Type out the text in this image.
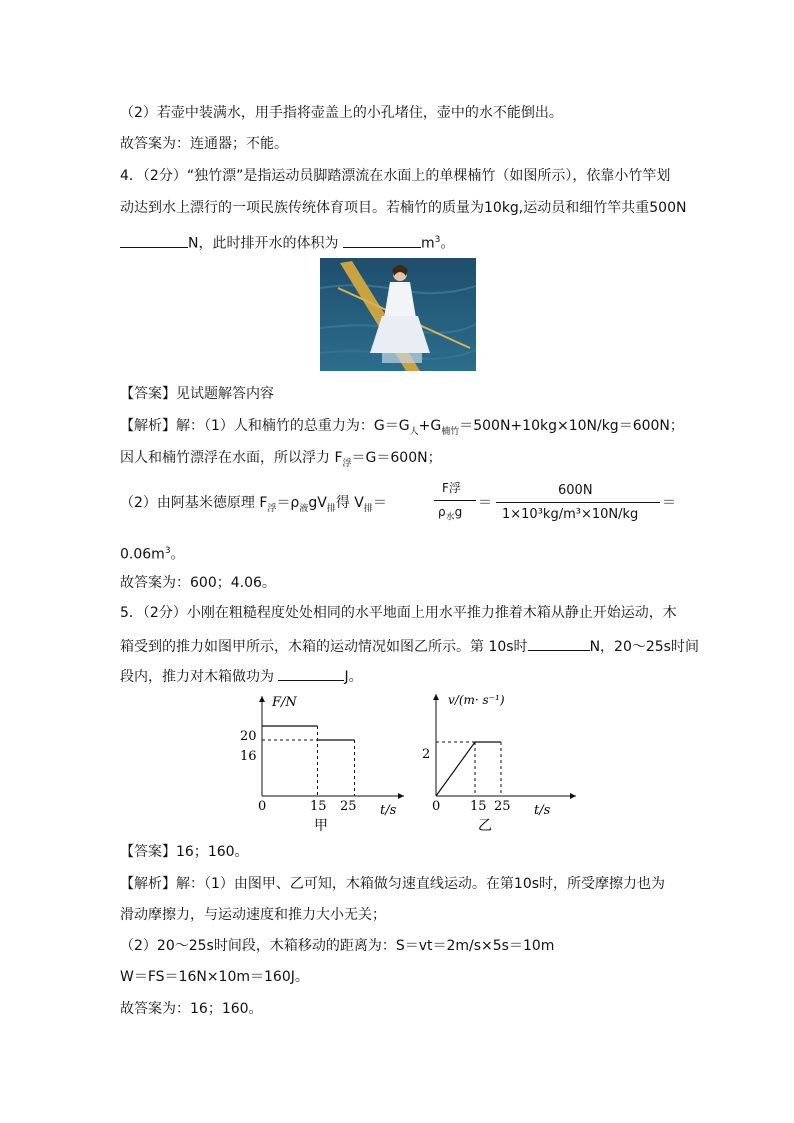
（2）若壶中装满水，用手指将壶盖上的小孔堵住，壶中的水不能倒出。
故答案为：连通器；不能。
4．（2分）“独竹漂”是指运动员脚踏漂流在水面上的单棵楠竹（如图所示），依靠小竹竿划
动达到水上漂行的一项民族传统体育项目。若楠竹的质量为10kg,运动员和细竹竿共重500N
N，此时排开水的体积为	$m^3$。
【答案】见试题解答内容
【解析】解：（1）人和楠竹的总重力为：$G=G_人+G_{楠竹}=500N+10kg\times 10N/kg=600N$；
因人和楠竹漂浮在水面，所以浮力 $F_浮=G=600N$；
（2）由阿基米德原理 $F_浮=\rho_液gV_排$得 $V_排=$
F浮
$\rho_水g$
＝
600N
1×10³kg/m³×10N/kg
＝
$0.06m^3$。
故答案为：600；4.06。
5．（2分）小刚在粗糙程度处处相同的水平地面上用水平推力推着木箱从静止开始运动，木
箱受到的推力如图甲所示，木箱的运动情况如图乙所示。第 10s时	N，20～25s时间
段内，推力对木箱做功为	J。
F/N
t/s
0	15 25
20
16
甲
v/(m· s⁻¹)
t/s
0 15 25
2
乙
【答案】16；160。
【解析】解：（1）由图甲、乙可知，木箱做匀速直线运动。在第10s时，所受摩擦力也为
滑动摩擦力，与运动速度和推力大小无关；
（2）20～25s时间段，木箱移动的距离为：S＝vt＝2m/s×5s＝10m
W＝FS＝16N×10m＝160J。
故答案为：16；160。
